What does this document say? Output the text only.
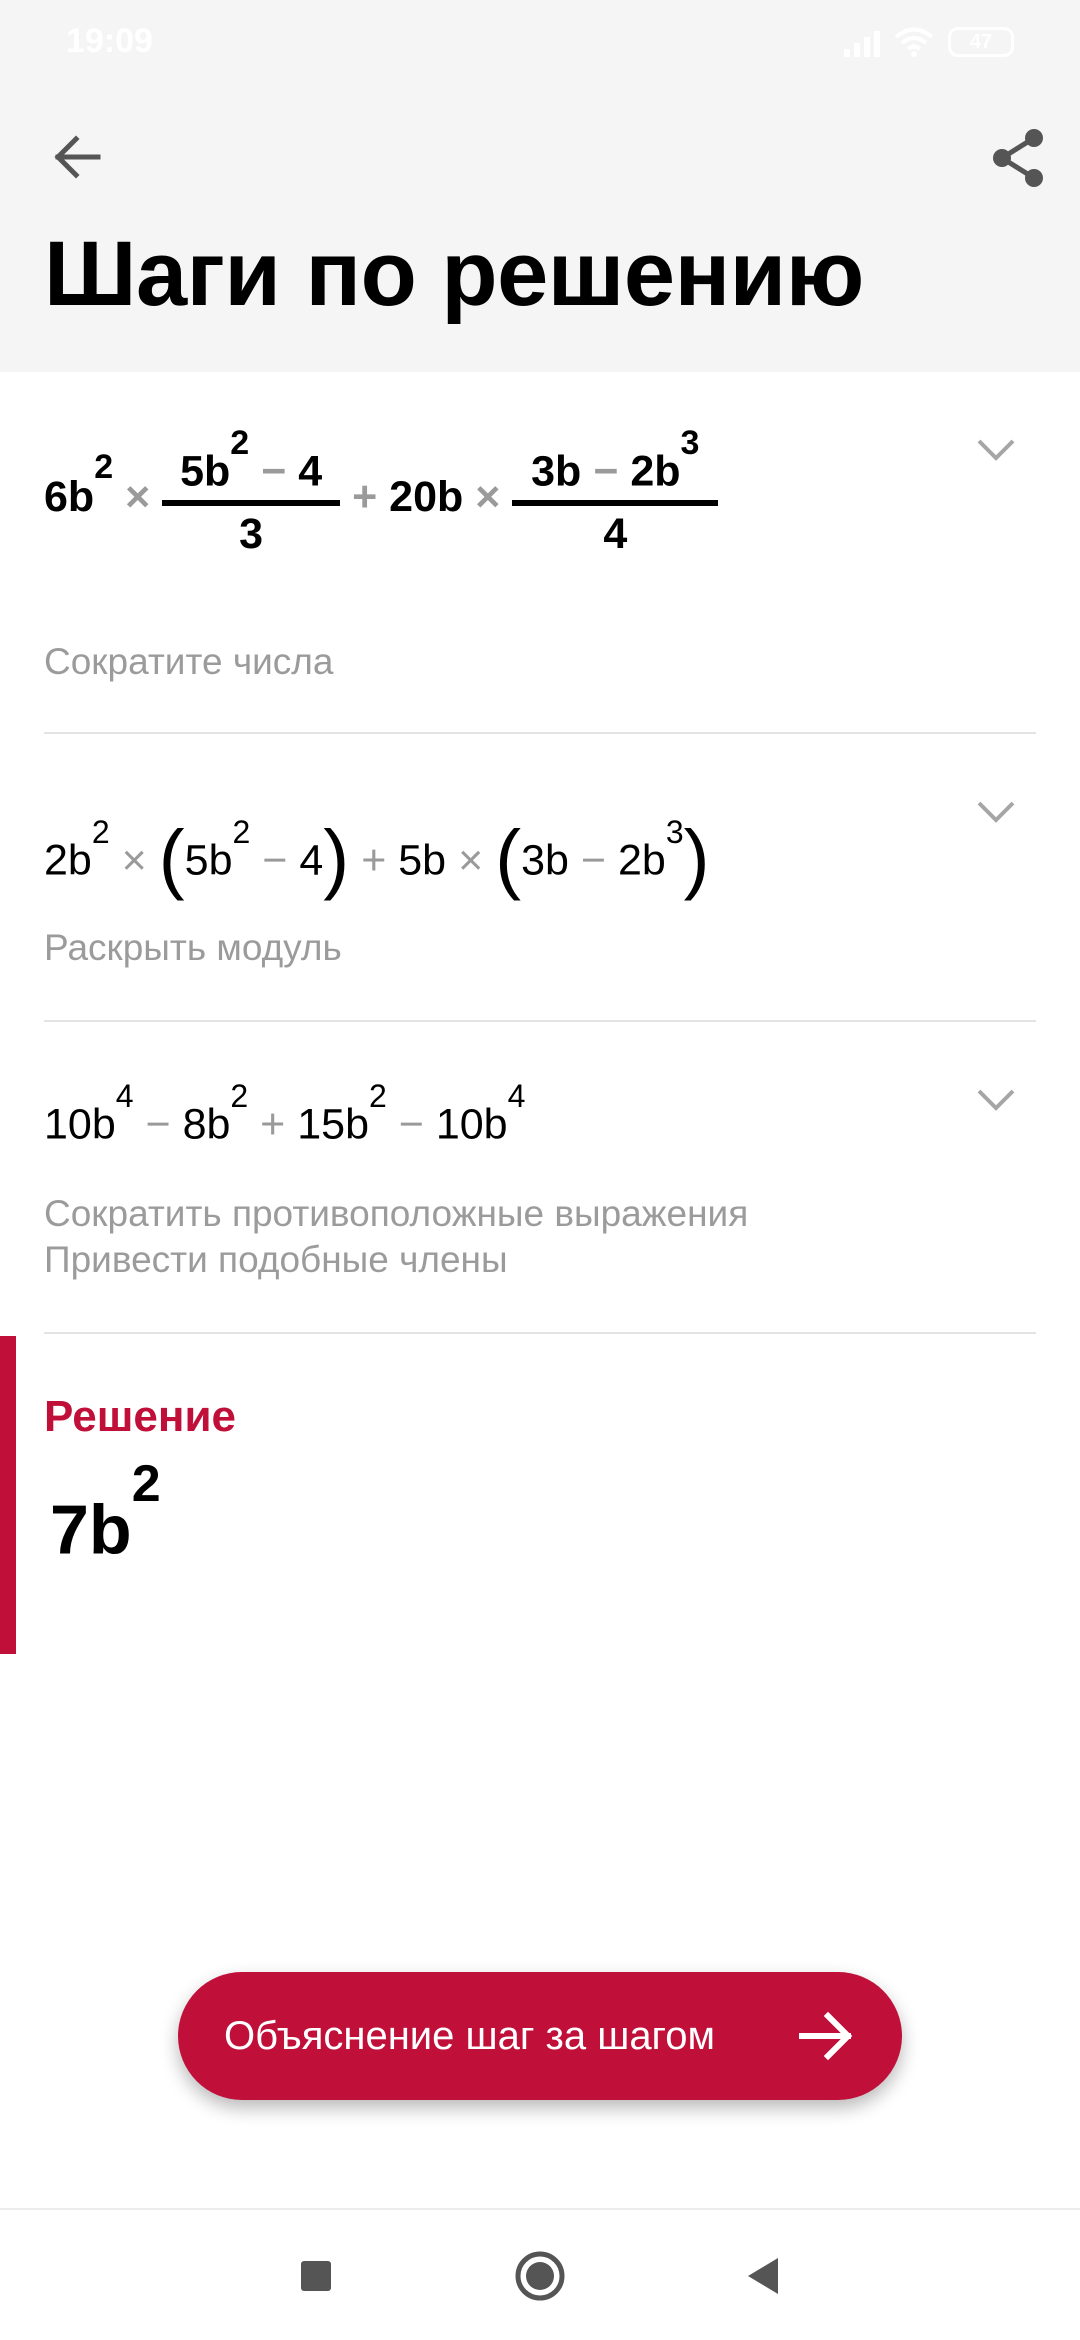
19:09	47
Шаги по решению
$6b^2$ ×
$5b^2 - 4$
3
+ 20b ×
$3b - 2b^3$
4
Сократите числа
$2b^2 \times (5b^2 - 4) + 5b \times (3b - 2b^3)$
Раскрыть модуль
$10b^4 - 8b^2 + 15b^2 - 10b^4$
Сократить противоположные выражения
Привести подобные члены
Решение
$7b^2$
Объяснение шаг за шагом
